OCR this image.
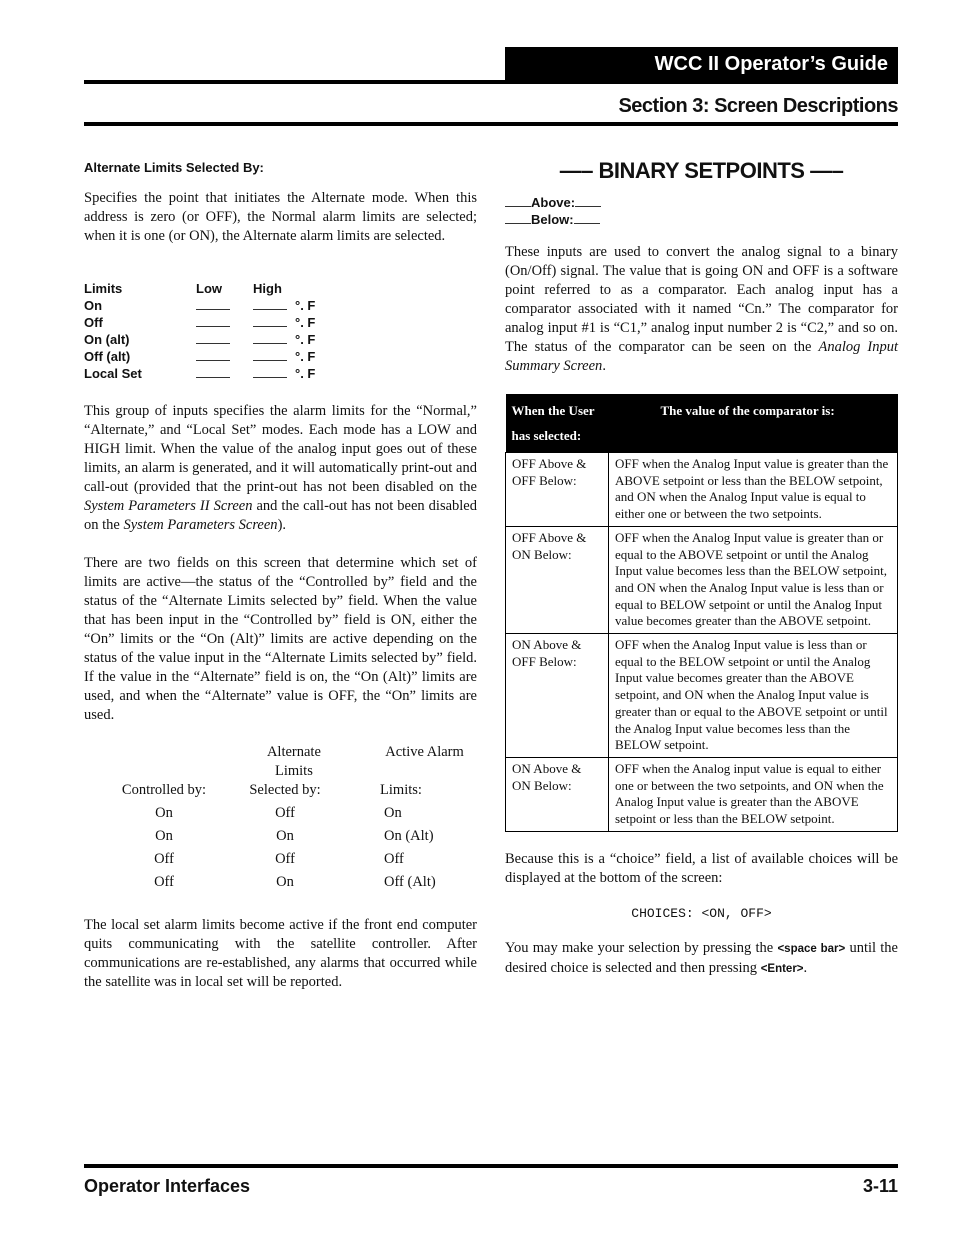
WCC II Operator’s Guide
Section 3: Screen Descriptions
Alternate Limits Selected By:

Specifies the point that initiates the Alternate mode. When this address is zero (or OFF), the Normal alarm limits are selected; when it is one (or ON), the Alternate alarm limits are selected.

Limits	Low	High
On	°. F
Off	°. F
On (alt)	°. F
Off (alt)	°. F
Local Set	°. F

This group of inputs specifies the alarm limits for the “Normal,” “Alternate,” and “Local Set” modes. Each mode has a LOW and HIGH limit. When the value of the analog input goes out of these limits, an alarm is generated, and it will automatically print-out and call-out (provided that the print-out has not been disabled on the System Parameters II Screen and the call-out has not been disabled on the System Parameters Screen).

There are two fields on this screen that determine which set of limits are active—the status of the “Controlled by” field and the status of the “Alternate Limits selected by” field. When the value that has been input in the “Controlled by” field is ON, either the “On” limits or the “On (Alt)” limits are active depending on the status of the value input in the “Alternate Limits selected by” field. If the value in the “Alternate” field is on, the “On (Alt)” limits are used, and when the “Alternate” value is OFF, the “On” limits are used.

Alternate Limits
Active Alarm
Controlled by:	Selected by:	Limits:
On	Off	On
On	On	On (Alt)
Off	Off	Off
Off	On	Off (Alt)

The local set alarm limits become active if the front end computer quits communicating with the satellite controller. After communications are re-established, any alarms that occurred while the satellite was in local set will be reported.

—– BINARY SETPOINTS —–
Above:
Below:

These inputs are used to convert the analog signal to a binary (On/Off) signal. The value that is going ON and OFF is a software point referred to as a comparator. Each analog input has a comparator associated with it named “Cn.” The comparator for analog input #1 is “C1,” analog input number 2 is “C2,” and so on. The status of the comparator can be seen on the Analog Input Summary Screen.

When the User
has selected:	The value of the comparator is:

OFF Above &
OFF Below:	OFF when the Analog Input value is greater than the ABOVE setpoint or less than the BELOW setpoint, and ON when the Analog Input value is equal to either one or between the two setpoints.

OFF Above &
ON Below:	OFF when the Analog Input value is greater than or equal to the ABOVE setpoint or until the Analog Input value becomes less than the BELOW setpoint, and ON when the Analog Input value is less than or equal to BELOW setpoint or until the Analog Input value becomes greater than the ABOVE setpoint.

ON Above &
OFF Below:	OFF when the Analog Input value is less than or equal to the BELOW setpoint or until the Analog Input value becomes greater than the ABOVE setpoint, and ON when the Analog Input value is greater than or equal to the ABOVE setpoint or until the Analog Input value becomes less than the BELOW setpoint.

ON Above &
ON Below:	OFF when the Analog input value is equal to either one or between the two setpoints, and ON when the Analog Input value is greater than the ABOVE setpoint or less than the BELOW setpoint.

Because this is a “choice” field, a list of available choices will be displayed at the bottom of the screen:

CHOICES: <ON, OFF>

You may make your selection by pressing the <space bar> until the desired choice is selected and then pressing <Enter>.

Operator Interfaces	3-11
